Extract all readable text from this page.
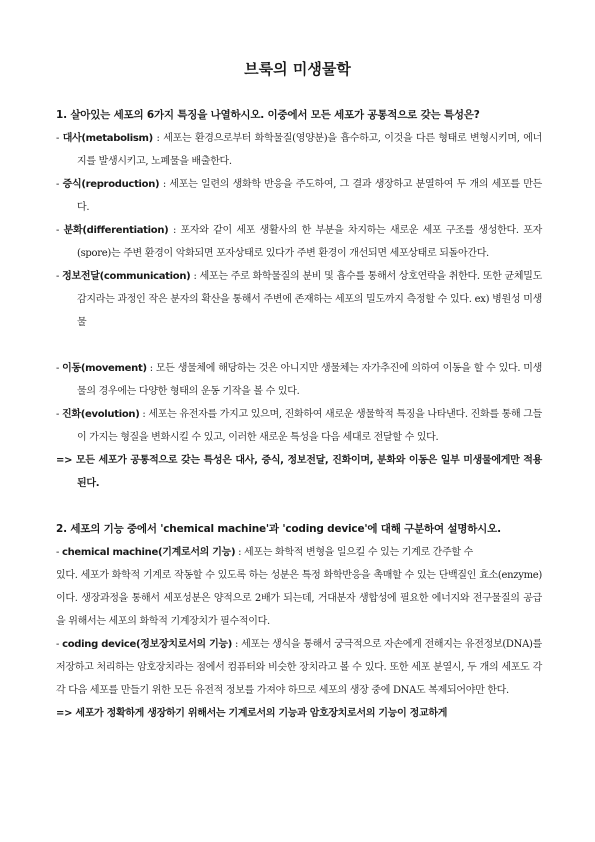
브룩의 미생물학
1. 살아있는 세포의 6가지 특징을 나열하시오. 이중에서 모든 세포가 공통적으로 갖는 특성은?
- 대사(metabolism) : 세포는 환경으로부터 화학물질(영양분)을 흡수하고, 이것을 다른 형태로 변형시키며, 에너지를 발생시키고, 노폐물을 배출한다.
- 증식(reproduction) : 세포는 일련의 생화학 반응을 주도하여, 그 결과 생장하고 분열하여 두 개의 세포를 만든다.
- 분화(differentiation) : 포자와 같이 세포 생활사의 한 부분을 차지하는 새로운 세포 구조를 생성한다. 포자(spore)는 주변 환경이 악화되면 포자상태로 있다가 주변 환경이 개선되면 세포상태로 되돌아간다.
- 정보전달(communication) : 세포는 주로 화학물질의 분비 및 흡수를 통해서 상호연락을 취한다. 또한 균체밀도감지라는 과정인 작은 분자의 확산을 통해서 주변에 존재하는 세포의 밀도까지 측정할 수 있다. ex) 병원성 미생물
- 이동(movement) : 모든 생물체에 해당하는 것은 아니지만 생물체는 자가추진에 의하여 이동을 할 수 있다. 미생물의 경우에는 다양한 형태의 운동 기작을 볼 수 있다.
- 진화(evolution) : 세포는 유전자를 가지고 있으며, 진화하여 새로운 생물학적 특징을 나타낸다. 진화를 통해 그들이 가지는 형질을 변화시킬 수 있고, 이러한 새로운 특성을 다음 세대로 전달할 수 있다.
=> 모든 세포가 공통적으로 갖는 특성은 대사, 증식, 정보전달, 진화이며, 분화와 이동은 일부 미생물에게만 적용된다.
2. 세포의 기능 중에서 'chemical machine'과 'coding device'에 대해 구분하여 설명하시오.
- chemical machine(기계로서의 기능) : 세포는 화학적 변형을 일으킬 수 있는 기계로 간주할 수
있다. 세포가 화학적 기계로 작동할 수 있도록 하는 성분은 특정 화학반응을 촉매할 수 있는 단백질인 효소(enzyme)이다. 생장과정을 통해서 세포성분은 양적으로 2배가 되는데, 거대분자 생합성에 필요한 에너지와 전구물질의 공급을 위해서는 세포의 화학적 기계장치가 필수적이다.
- coding device(정보장치로서의 기능) : 세포는 생식을 통해서 궁극적으로 자손에게 전해지는 유전정보(DNA)를 저장하고 처리하는 암호장치라는 점에서 컴퓨터와 비슷한 장치라고 볼 수 있다. 또한 세포 분열시, 두 개의 세포도 각각 다음 세포를 만들기 위한 모든 유전적 정보를 가져야 하므로 세포의 생장 중에 DNA도 복제되어야만 한다.
=> 세포가 정확하게 생장하기 위해서는 기계로서의 기능과 암호장치로서의 기능이 정교하게
